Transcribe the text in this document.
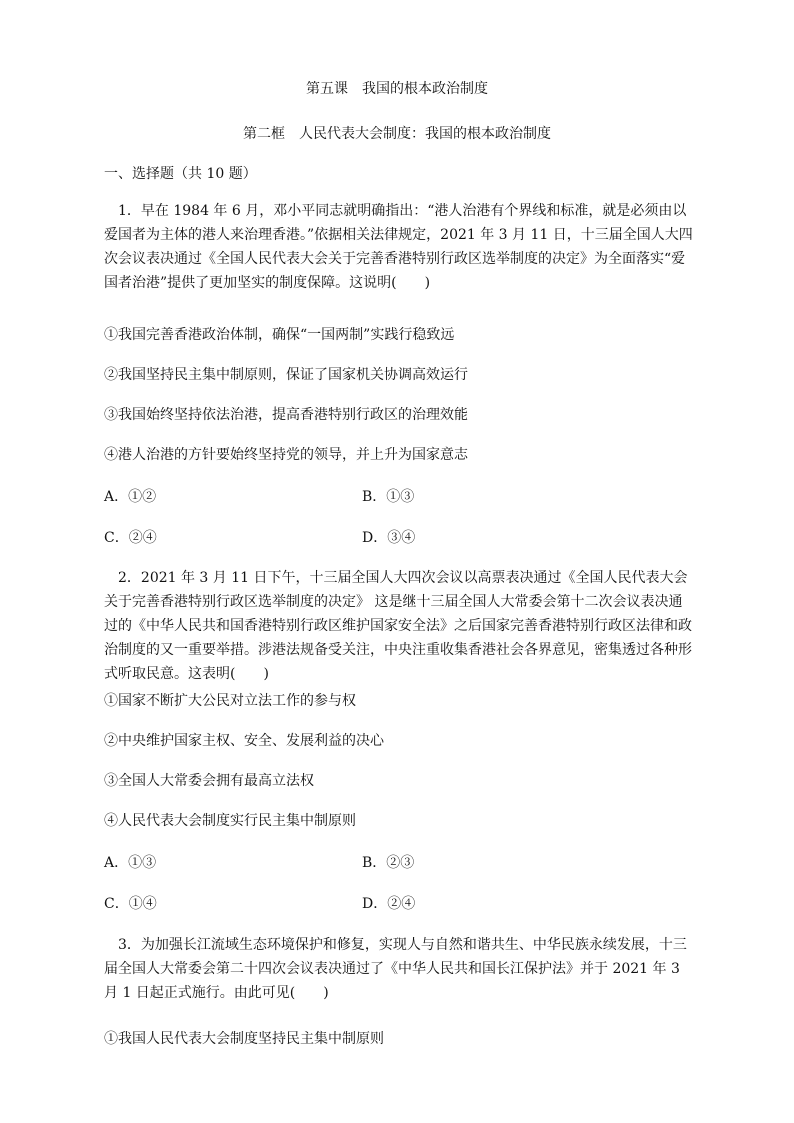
第五课　我国的根本政治制度
第二框　人民代表大会制度：我国的根本政治制度
一、选择题（共 10 题）

1．早在 1984 年 6 月，邓小平同志就明确指出：“港人治港有个界线和标准，就是必须由以爱国者为主体的港人来治理香港。”依据相关法律规定，2021 年 3 月 11 日，十三届全国人大四次会议表决通过《全国人民代表大会关于完善香港特别行政区选举制度的决定》为全面落实“爱国者治港”提供了更加坚实的制度保障。这说明(　　)

①我国完善香港政治体制，确保“一国两制”实践行稳致远
②我国坚持民主集中制原则，保证了国家机关协调高效运行
③我国始终坚持依法治港，提高香港特别行政区的治理效能
④港人治港的方针要始终坚持党的领导，并上升为国家意志
A．①②	B．①③
C．②④	D．③④

2．2021 年 3 月 11 日下午，十三届全国人大四次会议以高票表决通过《全国人民代表大会关于完善香港特别行政区选举制度的决定》 这是继十三届全国人大常委会第十二次会议表决通过的《中华人民共和国香港特别行政区维护国家安全法》之后国家完善香港特别行政区法律和政治制度的又一重要举措。涉港法规备受关注，中央注重收集香港社会各界意见，密集透过各种形式听取民意。这表明(　　)

①国家不断扩大公民对立法工作的参与权
②中央维护国家主权、安全、发展利益的决心
③全国人大常委会拥有最高立法权
④人民代表大会制度实行民主集中制原则
A．①③	B．②③
C．①④	D．②④

3．为加强长江流域生态环境保护和修复，实现人与自然和谐共生、中华民族永续发展，十三届全国人大常委会第二十四次会议表决通过了《中华人民共和国长江保护法》并于 2021 年 3 月 1 日起正式施行。由此可见(　　)

①我国人民代表大会制度坚持民主集中制原则
